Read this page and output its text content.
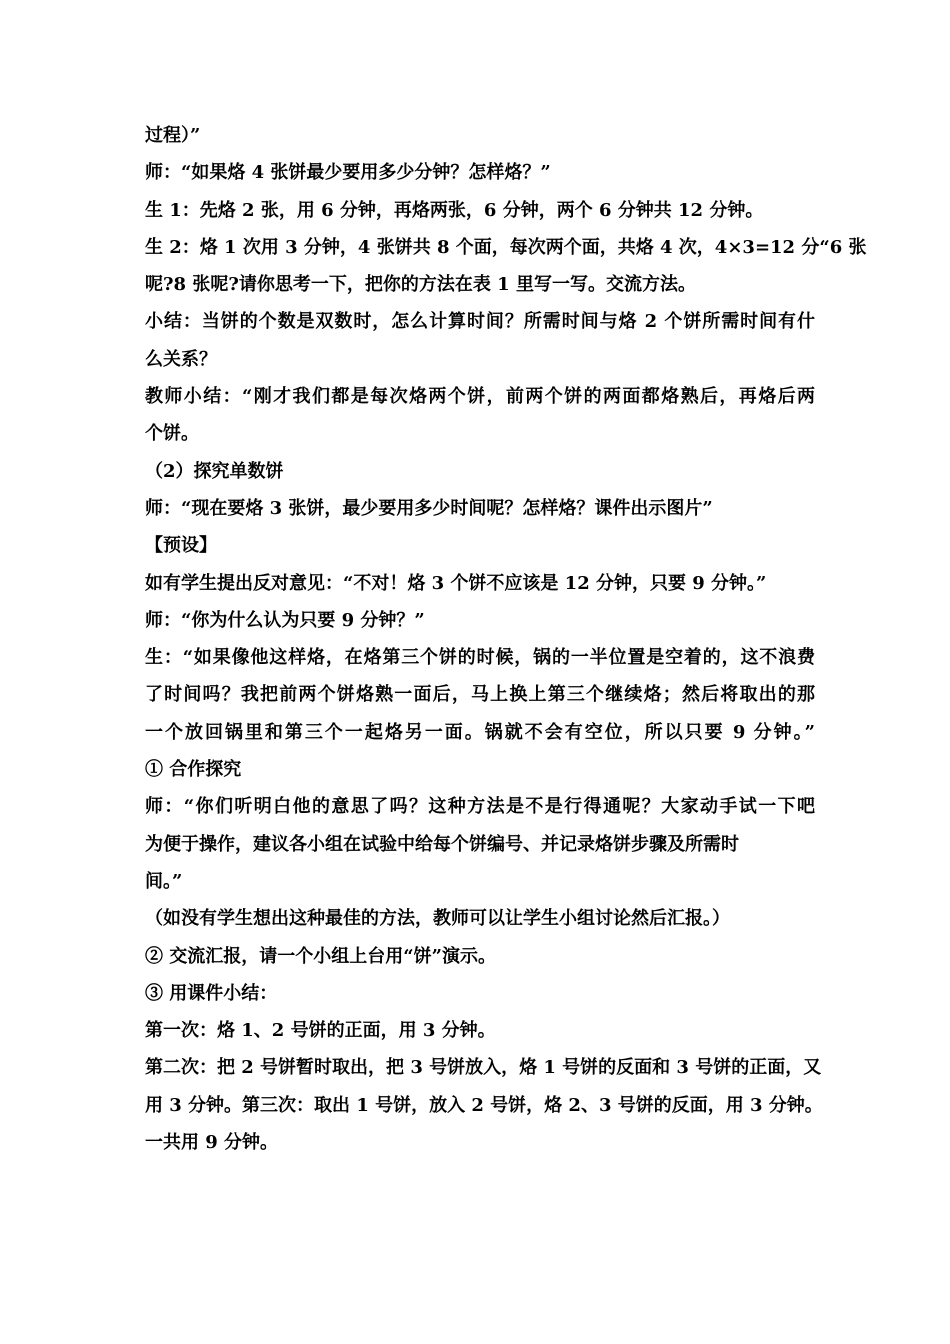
过程）”
师：“如果烙 4 张饼最少要用多少分钟？怎样烙？”
生 1：先烙 2 张，用 6 分钟，再烙两张，6 分钟，两个 6 分钟共 12 分钟。
生 2：烙 1 次用 3 分钟，4 张饼共 8 个面，每次两个面，共烙 4 次，4×3=12 分“6 张
呢?8 张呢?请你思考一下，把你的方法在表 1 里写一写。交流方法。
小结：当饼的个数是双数时，怎么计算时间？所需时间与烙 2 个饼所需时间有什
么关系？
教师小结：“刚才我们都是每次烙两个饼，前两个饼的两面都烙熟后，再烙后两
个饼。
（2）探究单数饼
师：“现在要烙 3 张饼，最少要用多少时间呢？怎样烙？课件出示图片”
【预设】
如有学生提出反对意见：“不对！烙 3 个饼不应该是 12 分钟，只要 9 分钟。”
师：“你为什么认为只要 9 分钟？”
生：“如果像他这样烙，在烙第三个饼的时候，锅的一半位置是空着的，这不浪费
了时间吗？我把前两个饼烙熟一面后，马上换上第三个继续烙；然后将取出的那
一个放回锅里和第三个一起烙另一面。锅就不会有空位，所以只要 9 分钟。”
① 合作探究
师：“你们听明白他的意思了吗？这种方法是不是行得通呢？大家动手试一下吧
为便于操作，建议各小组在试验中给每个饼编号、并记录烙饼步骤及所需时
间。”
（如没有学生想出这种最佳的方法，教师可以让学生小组讨论然后汇报。）
② 交流汇报，请一个小组上台用“饼”演示。
③ 用课件小结：
第一次：烙 1、2 号饼的正面，用 3 分钟。
第二次：把 2 号饼暂时取出，把 3 号饼放入，烙 1 号饼的反面和 3 号饼的正面，又
用 3 分钟。第三次：取出 1 号饼，放入 2 号饼，烙 2、3 号饼的反面，用 3 分钟。
一共用 9 分钟。
